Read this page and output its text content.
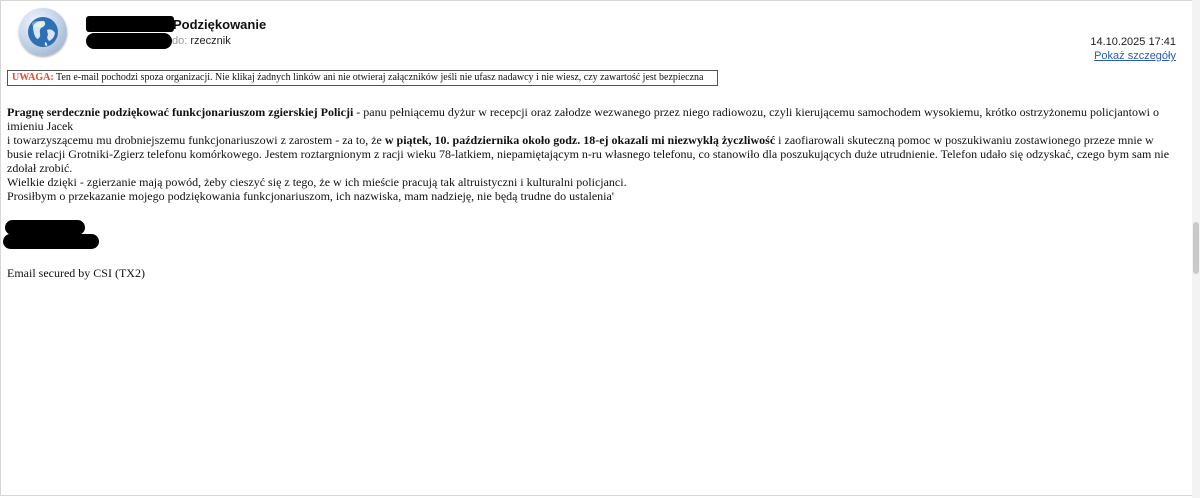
Podziękowanie
do: rzecznik	14.10.2025 17:41
Pokaż szczegóły
UWAGA: Ten e-mail pochodzi spoza organizacji. Nie klikaj żadnych linków ani nie otwieraj załączników jeśli nie ufasz nadawcy i nie wiesz, czy zawartość jest bezpieczna

Pragnę serdecznie podziękować funkcjonariuszom zgierskiej Policji - panu pełniącemu dyżur w recepcji oraz załodze wezwanego przez niego radiowozu, czyli kierującemu samochodem wysokiemu, krótko ostrzyżonemu policjantowi o imieniu Jacek

i towarzyszącemu mu drobniejszemu funkcjonariuszowi z zarostem - za to, że w piątek, 10. października około godz. 18-ej okazali mi niezwykłą życzliwość i zaofiarowali skuteczną pomoc w poszukiwaniu zostawionego przeze mnie w busie relacji Grotniki-Zgierz telefonu komórkowego. Jestem roztargnionym z racji wieku 78-latkiem, niepamiętającym n-ru własnego telefonu, co stanowiło dla poszukujących duże utrudnienie. Telefon udało się odzyskać, czego bym sam nie zdołał zrobić.

Wielkie dzięki - zgierzanie mają powód, żeby cieszyć się z tego, że w ich mieście pracują tak altruistyczni i kulturalni policjanci.

Prosiłbym o przekazanie mojego podziękowania funkcjonariuszom, ich nazwiska, mam nadzieję, nie będą trudne do ustalenia'

Email secured by CSI (TX2)
